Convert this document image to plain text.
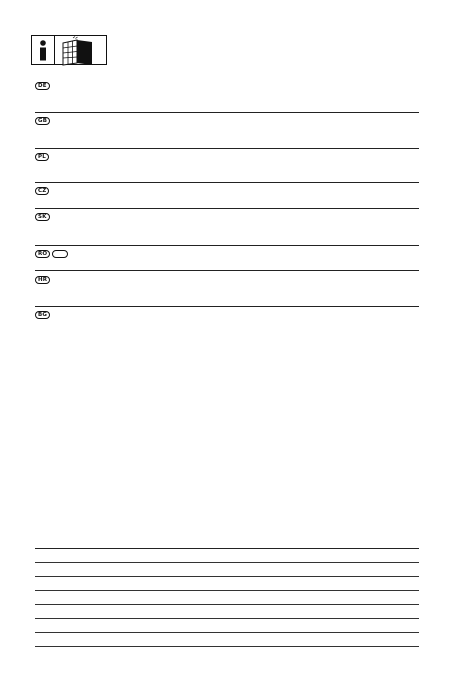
DE
GB
PL
CZ
SK
RO
HR
BG
